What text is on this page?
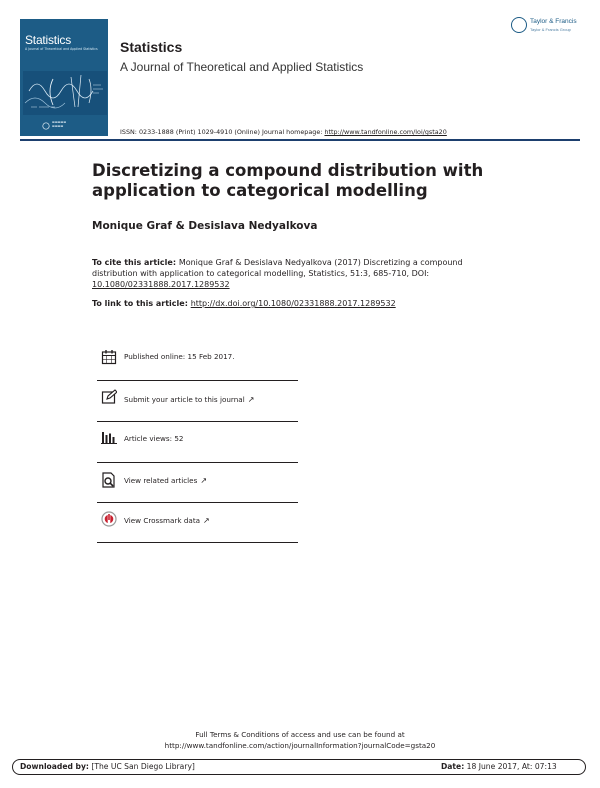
Statistics
A Journal of Theoretical and Applied Statistics
▬▬▬▬▬
▬▬▬▬
Statistics
A Journal of Theoretical and Applied Statistics
Taylor & Francis
Taylor & Francis Group
ISSN: 0233-1888 (Print) 1029-4910 (Online) Journal homepage: http://www.tandfonline.com/loi/gsta20
Discretizing a compound distribution with application to categorical modelling
Monique Graf & Desislava Nedyalkova
To cite this article: Monique Graf & Desislava Nedyalkova (2017) Discretizing a compound distribution with application to categorical modelling, Statistics, 51:3, 685-710, DOI: 10.1080/02331888.2017.1289532
To link to this article: http://dx.doi.org/10.1080/02331888.2017.1289532
Published online: 15 Feb 2017.
Submit your article to this journal ↗
Article views: 52
View related articles ↗
View Crossmark data ↗
Full Terms & Conditions of access and use can be found at
http://www.tandfonline.com/action/journalInformation?journalCode=gsta20
Downloaded by: [The UC San Diego Library]	Date: 18 June 2017, At: 07:13
